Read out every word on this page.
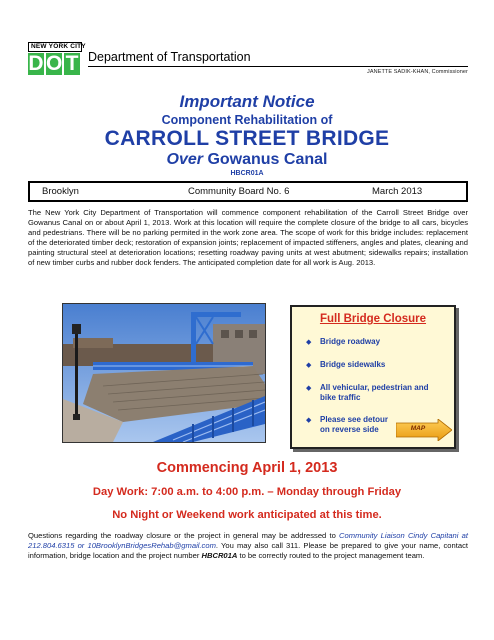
NEW YORK CITY
D O T Department of Transportation
JANETTE SADIK-KHAN, Commissioner
Important Notice
Component Rehabilitation of
CARROLL STREET BRIDGE
Over Gowanus Canal
HBCR01A
Brooklyn	Community Board No. 6	March 2013
The New York City Department of Transportation will commence component rehabilitation of the Carroll Street Bridge over Gowanus Canal on or about April 1, 2013. Work at this location will require the complete closure of the bridge to all cars, bicycles and pedestrians. There will be no parking permited in the work zone area. The scope of work for this bridge includes: replacement of the deteriorated timber deck; restoration of expansion joints; replacement of impacted stiffeners, angles and plates, cleaning and painting structural steel at deterioration locations; resetting roadway paving units at west abutment; sidewalks repairs; installation of new timber curbs and rubber dock fenders. The anticipated completion date for all work is Aug. 2013.
Full Bridge Closure
◆ Bridge roadway
◆ Bridge sidewalks
◆ All vehicular, pedestrian and bike traffic
◆ Please see detour on reverse side	MAP
Commencing April 1, 2013
Day Work: 7:00 a.m. to 4:00 p.m. – Monday through Friday
No Night or Weekend work anticipated at this time.
Questions regarding the roadway closure or the project in general may be addressed to Community Liaison Cindy Capitani at 212.804.6315 or 10BrooklynBridgesRehab@gmail.com. You may also call 311. Please be prepared to give your name, contact information, bridge location and the project number HBCR01A to be correctly routed to the project management team.
